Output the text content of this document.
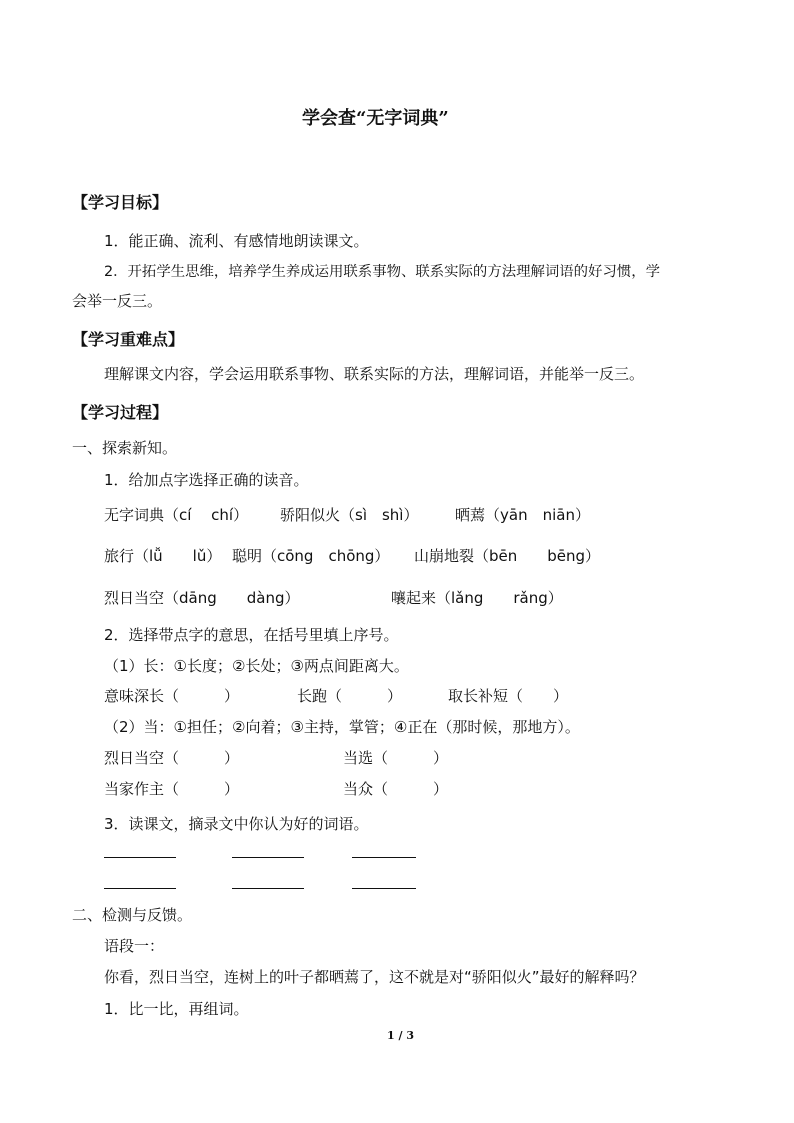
学会查“无字词典”
【学习目标】
1．能正确、流利、有感情地朗读课文。
2．开拓学生思维，培养学生养成运用联系事物、联系实际的方法理解词语的好习惯，学
会举一反三。
【学习重难点】
理解课文内容，学会运用联系事物、联系实际的方法，理解词语，并能举一反三。
【学习过程】
一、探索新知。
1．给加点字选择正确的读音。
无字词典（cí　 chí） 骄阳似火（sì　shì） 晒蔫（yān　niān）
旅行（lǚ　　lǔ） 聪明（cōng　chōng） 山崩地裂（bēn　　bēng）
烈日当空（dāng　　dàng）	嚷起来（lǎng　　rǎng）
2．选择带点字的意思，在括号里填上序号。
（1）长：①长度；②长处；③两点间距离大。
意味深长（　　　）	长跑（　　　）	取长补短（　　）
（2）当：①担任；②向着；③主持，掌管；④正在（那时候，那地方）。
烈日当空（　　　）	当选（　　　）
当家作主（　　　）	当众（　　　）
3．读课文，摘录文中你认为好的词语。
二、检测与反馈。
语段一：
你看，烈日当空，连树上的叶子都晒蔫了，这不就是对“骄阳似火”最好的解释吗？
1．比一比，再组词。
1 / 3
